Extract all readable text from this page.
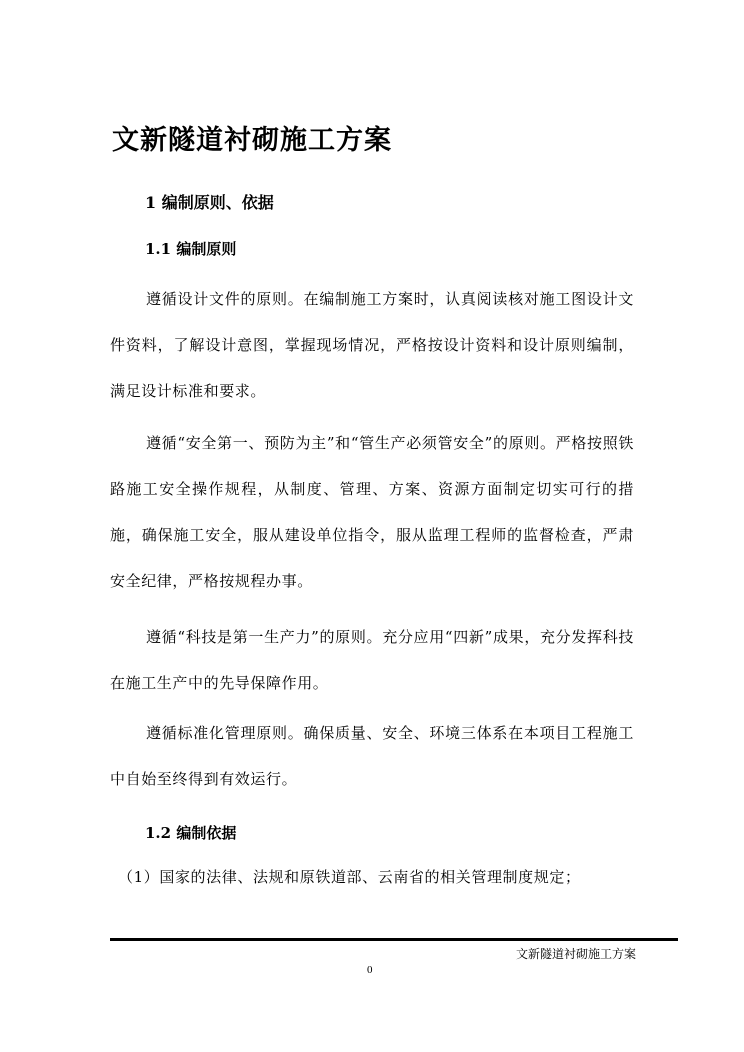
文新隧道衬砌施工方案
1 编制原则、依据
1.1 编制原则

遵循设计文件的原则。在编制施工方案时，认真阅读核对施工图设计文件资料，了解设计意图，掌握现场情况，严格按设计资料和设计原则编制，满足设计标准和要求。

遵循“安全第一、预防为主”和“管生产必须管安全”的原则。严格按照铁路施工安全操作规程，从制度、管理、方案、资源方面制定切实可行的措施，确保施工安全，服从建设单位指令，服从监理工程师的监督检查，严肃安全纪律，严格按规程办事。

遵循“科技是第一生产力”的原则。充分应用“四新”成果，充分发挥科技在施工生产中的先导保障作用。

遵循标准化管理原则。确保质量、安全、环境三体系在本项目工程施工中自始至终得到有效运行。

1.2 编制依据

（1）国家的法律、法规和原铁道部、云南省的相关管理制度规定；

文新隧道衬砌施工方案
0
